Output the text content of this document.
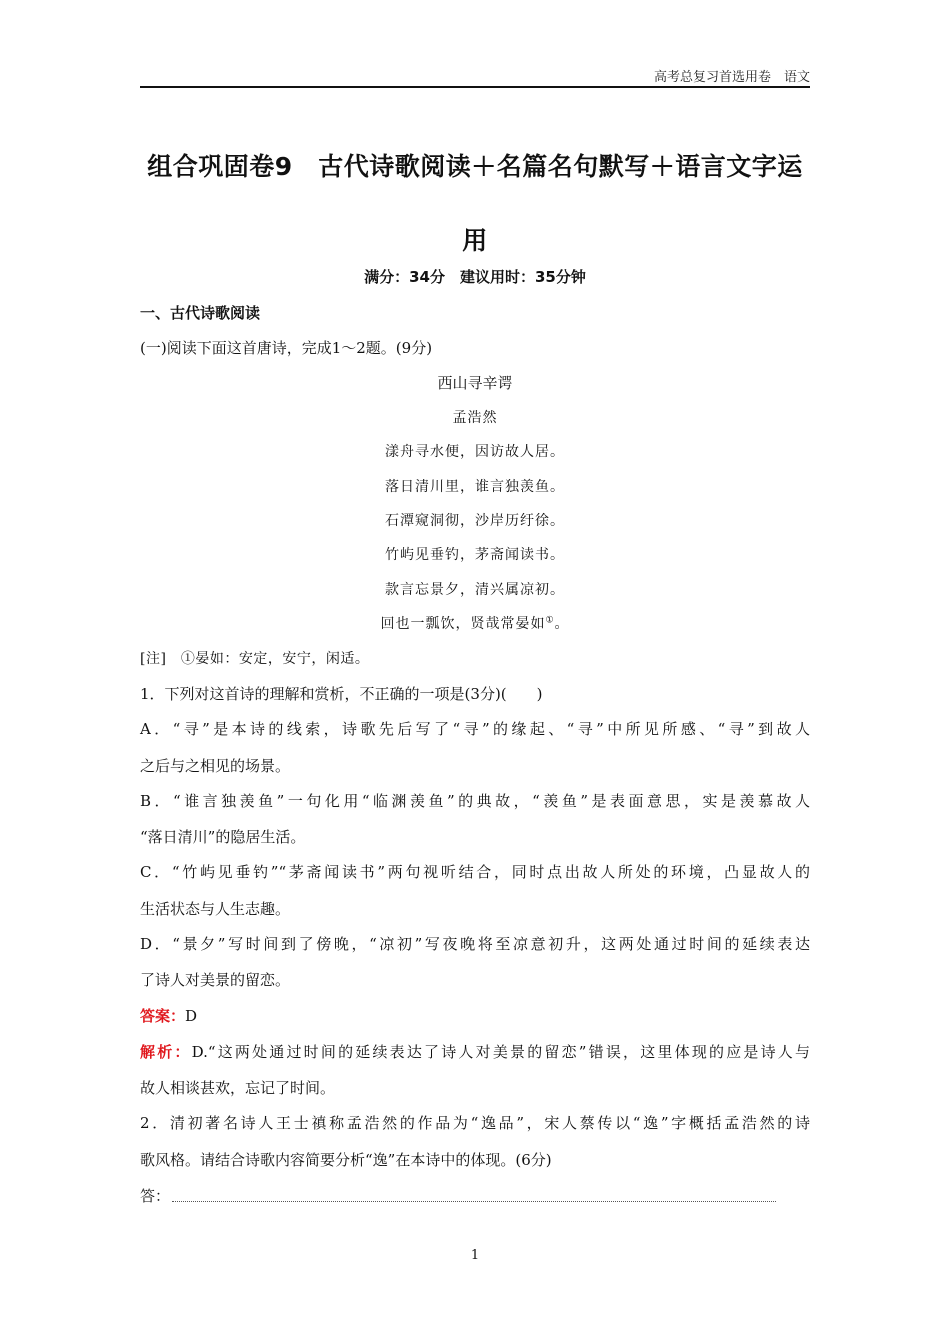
高考总复习首选用卷　语文
组合巩固卷9　古代诗歌阅读＋名篇名句默写＋语言文字运
用
满分：34分　建议用时：35分钟
一、古代诗歌阅读
(一)阅读下面这首唐诗，完成1～2题。(9分)
西山寻辛谔
孟浩然
漾舟寻水便，因访故人居。
落日清川里，谁言独羡鱼。
石潭窥洞彻，沙岸历纡徐。
竹屿见垂钓，茅斋闻读书。
款言忘景夕，清兴属凉初。
回也一瓢饮，贤哉常晏如①。
[注]　①晏如：安定，安宁，闲适。
1．下列对这首诗的理解和赏析，不正确的一项是(3分)(　　)
A．“寻”是本诗的线索，诗歌先后写了“寻”的缘起、“寻”中所见所感、“寻”到故人
之后与之相见的场景。
B．“谁言独羡鱼”一句化用“临渊羡鱼”的典故，“羡鱼”是表面意思，实是羡慕故人
“落日清川”的隐居生活。
C．“竹屿见垂钓”“茅斋闻读书”两句视听结合，同时点出故人所处的环境，凸显故人的
生活状态与人生志趣。
D．“景夕”写时间到了傍晚，“凉初”写夜晚将至凉意初升，这两处通过时间的延续表达
了诗人对美景的留恋。
答案：D
解析：D.“这两处通过时间的延续表达了诗人对美景的留恋”错误，这里体现的应是诗人与
故人相谈甚欢，忘记了时间。
2．清初著名诗人王士禛称孟浩然的作品为“逸品”，宋人蔡传以“逸”字概括孟浩然的诗
歌风格。请结合诗歌内容简要分析“逸”在本诗中的体现。(6分)
答：
1
